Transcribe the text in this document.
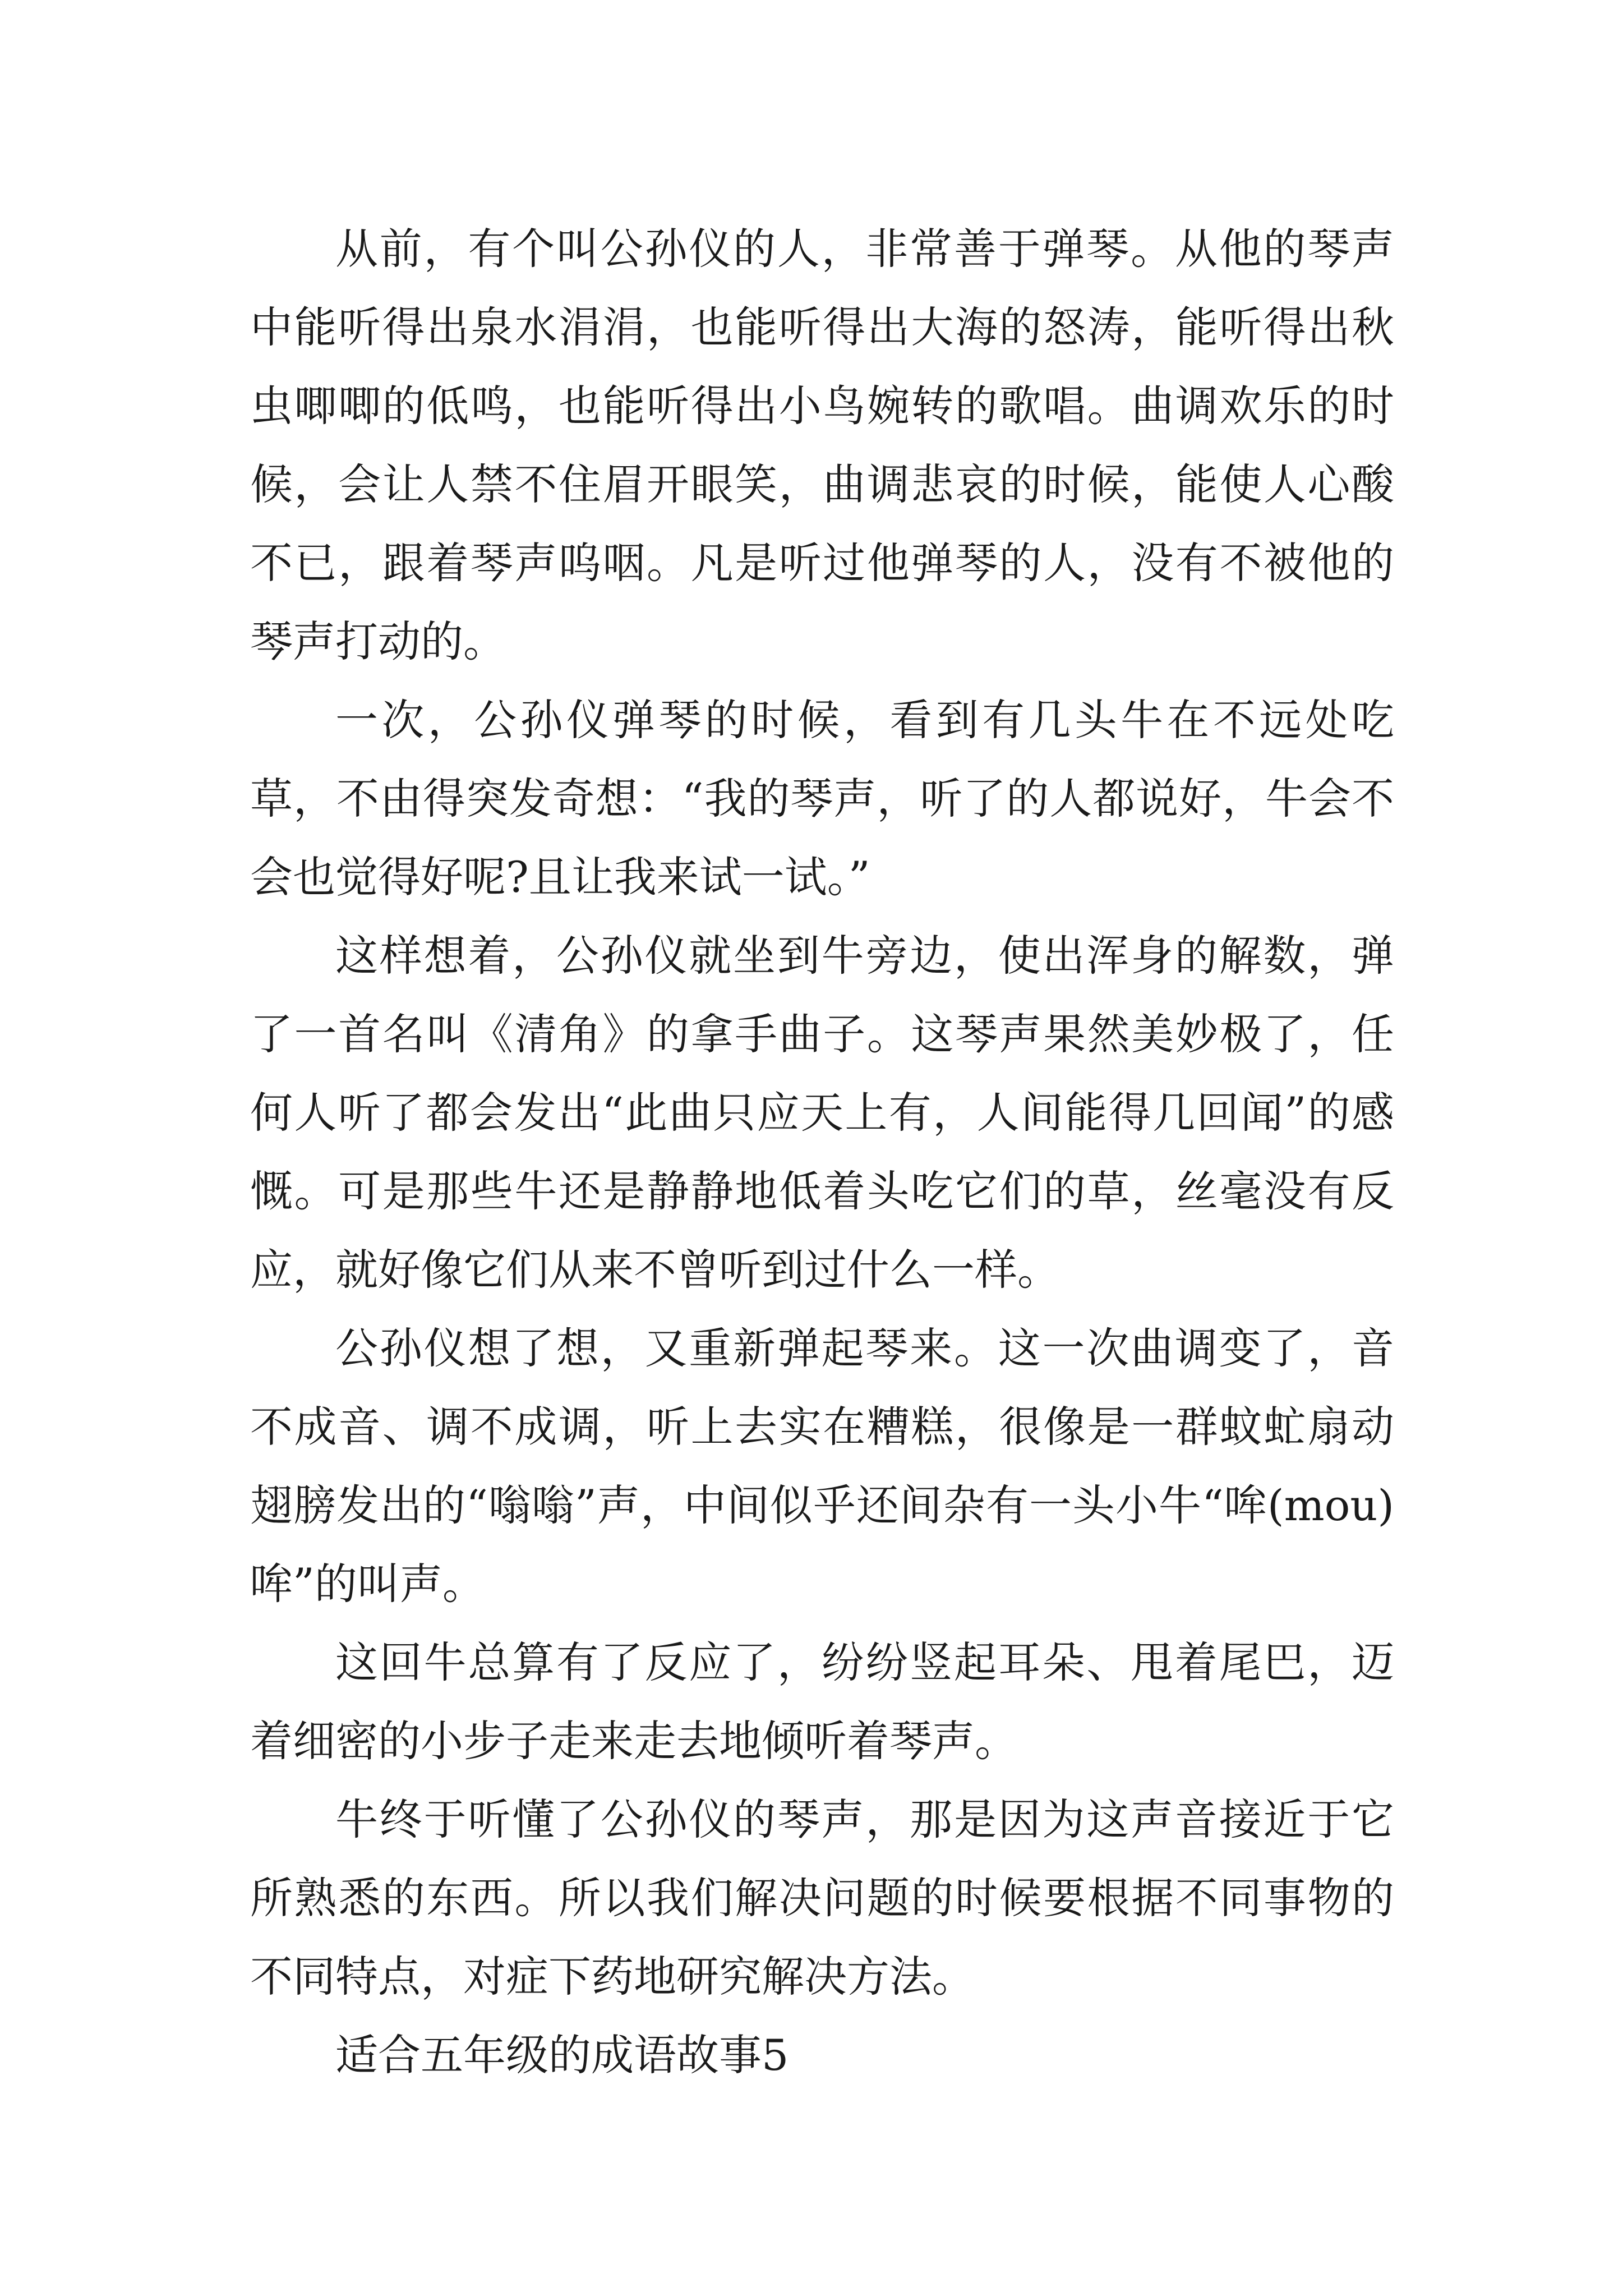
从前，有个叫公孙仪的人，非常善于弹琴。从他的琴声中能听得出泉水涓涓，也能听得出大海的怒涛，能听得出秋虫唧唧的低鸣，也能听得出小鸟婉转的歌唱。曲调欢乐的时候，会让人禁不住眉开眼笑，曲调悲哀的时候，能使人心酸不已，跟着琴声呜咽。凡是听过他弹琴的人，没有不被他的琴声打动的。

一次，公孙仪弹琴的时候，看到有几头牛在不远处吃草，不由得突发奇想：“我的琴声，听了的人都说好，牛会不会也觉得好呢?且让我来试一试。”

这样想着，公孙仪就坐到牛旁边，使出浑身的解数，弹了一首名叫《清角》的拿手曲子。这琴声果然美妙极了，任何人听了都会发出“此曲只应天上有，人间能得几回闻”的感慨。可是那些牛还是静静地低着头吃它们的草，丝毫没有反应，就好像它们从来不曾听到过什么一样。

公孙仪想了想，又重新弹起琴来。这一次曲调变了，音不成音、调不成调，听上去实在糟糕，很像是一群蚊虻扇动翅膀发出的“嗡嗡”声，中间似乎还间杂有一头小牛“哞(mou)哞”的叫声。

这回牛总算有了反应了，纷纷竖起耳朵、甩着尾巴，迈着细密的小步子走来走去地倾听着琴声。

牛终于听懂了公孙仪的琴声，那是因为这声音接近于它所熟悉的东西。所以我们解决问题的时候要根据不同事物的不同特点，对症下药地研究解决方法。

适合五年级的成语故事5
